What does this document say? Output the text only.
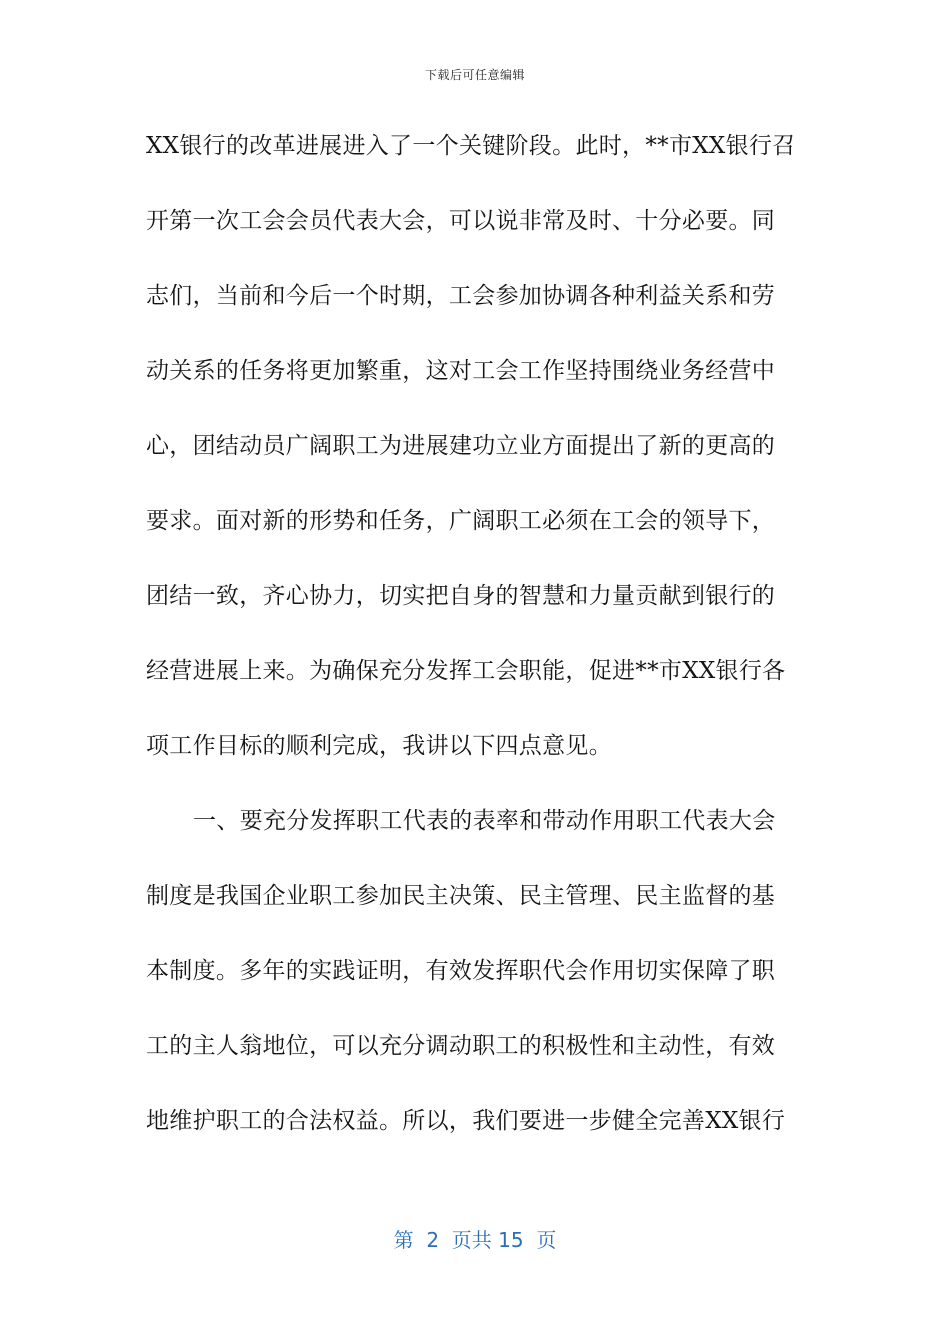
下载后可任意编辑
XX银行的改革进展进入了一个关键阶段。此时，**市XX银行召
开第一次工会会员代表大会，可以说非常及时、十分必要。同
志们，当前和今后一个时期，工会参加协调各种利益关系和劳
动关系的任务将更加繁重，这对工会工作坚持围绕业务经营中
心，团结动员广阔职工为进展建功立业方面提出了新的更高的
要求。面对新的形势和任务，广阔职工必须在工会的领导下，
团结一致，齐心协力，切实把自身的智慧和力量贡献到银行的
经营进展上来。为确保充分发挥工会职能，促进**市XX银行各
项工作目标的顺利完成，我讲以下四点意见。
一、要充分发挥职工代表的表率和带动作用职工代表大会
制度是我国企业职工参加民主决策、民主管理、民主监督的基
本制度。多年的实践证明，有效发挥职代会作用切实保障了职
工的主人翁地位，可以充分调动职工的积极性和主动性，有效
地维护职工的合法权益。所以，我们要进一步健全完善XX银行
第  2  页共 15  页
